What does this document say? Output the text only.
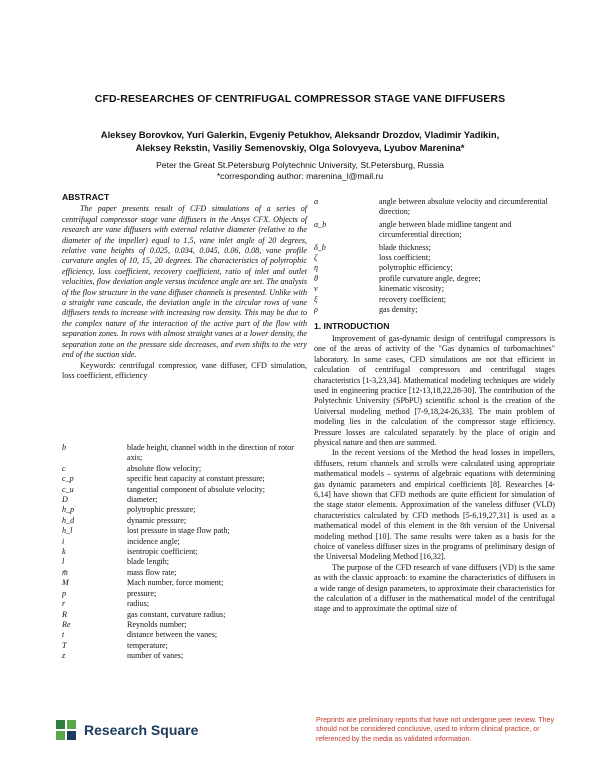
CFD-RESEARCHES OF CENTRIFUGAL COMPRESSOR STAGE VANE DIFFUSERS
Aleksey Borovkov, Yuri Galerkin, Evgeniy Petukhov, Aleksandr Drozdov, Vladimir Yadikin,
Aleksey Rekstin, Vasiliy Semenovskiy, Olga Solovyeva, Lyubov Marenina*
Peter the Great St.Petersburg Polytechnic University, St.Petersburg, Russia
*corresponding author: marenina_l@mail.ru
ABSTRACT

The paper presents result of CFD simulations of a series of centrifugal compressor stage vane diffusers in the Ansys CFX. Objects of research are vane diffusers with external relative diameter (relative to the diameter of the impeller) equal to 1.5, vane inlet angle of 20 degrees, relative vane heights of 0.025, 0.034, 0.045, 0.06, 0.08, vane profile curvature angles of 10, 15, 20 degrees. The characteristics of polytrophic efficiency, loss coefficient, recovery coefficient, ratio of inlet and outlet velocities, flow deviation angle versus incidence angle are set. The analysis of the flow structure in the vane diffuser channels is presented. Unlike with a straight vane cascade, the deviation angle in the circular rows of vane diffusers tends to increase with increasing row density. This may be due to the complex nature of the interaction of the active part of the flow with separation zones. In rows with almost straight vanes at a lower density, the separation zone on the pressure side decreases, and even shifts to the very end of the suction side.

Keywords: centrifugal compressor, vane diffuser, CFD simulation, loss coefficient, efficiency

b	blade height, channel width in the direction of rotor axis;
c	absolute flow velocity;
c_p	specific heat capacity at constant pressure;
c_u	tangential component of absolute velocity;
D	diameter;
h_p	polytrophic pressure;
h_d	dynamic pressure;
h_l	lost pressure in stage flow path;
i	incidence angle;
k	isentropic coefficient;
l	blade length;
m̄	mass flow rate;
M	Mach number, force moment;
p	pressure;
r	radius;
R	gas constant, curvature radius;
Re	Reynolds number;
t	distance between the vanes;
T	temperature;
z	number of vanes;
α	angle between absolute velocity and circumferential direction;
α_b	angle between blade midline tangent and circumferential direction;
δ_b	blade thickness;
ζ	loss coefficient;
η	polytrophic efficiency;
θ	profile curvature angle, degree;
ν	kinematic viscosity;
ξ	recovery coefficient;
ρ	gas density;
1. INTRODUCTION

Improvement of gas-dynamic design of centrifugal compressors is one of the areas of activity of the "Gas dynamics of turbomachines" laboratory. In some cases, CFD simulations are not that efficient in calculation of centrifugal compressors and centrifugal stages characteristics [1-3,23,34]. Mathematical modeling techniques are widely used in engineering practice [12-13,18,22,28-30]. The contribution of the Polytechnic University (SPbPU) scientific school is the creation of the Universal modeling method [7-9,18,24-26,33]. The main problem of modeling lies in the calculation of the compressor stage efficiency. Pressure losses are calculated separately by the place of origin and physical nature and then are summed.

In the recent versions of the Method the head losses in impellers, diffusers, return channels and scrolls were calculated using appropriate mathematical models – systems of algebraic equations with determining gas dynamic parameters and empirical coefficients [8]. Researches [4-6,14] have shown that CFD methods are quite efficient for simulation of the stage stator elements. Approximation of the vaneless diffuser (VLD) characteristics calculated by CFD methods [5-6,19,27,31] is used as a mathematical model of this element in the 8th version of the Universal modeling method [10]. The same results were taken as a basis for the choice of vaneless diffuser sizes in the programs of preliminary design of the Universal Modeling Method [16,32].

The purpose of the CFD research of vane diffusers (VD) is the same as with the classic approach: to examine the characteristics of diffusers in a wide range of design parameters, to approximate their characteristics for the calculation of a diffuser in the mathematical model of the centrifugal stage and to approximate the optimal size of

Research Square
Preprints are preliminary reports that have not undergone peer review. They should not be considered conclusive, used to inform clinical practice, or referenced by the media as validated information.
